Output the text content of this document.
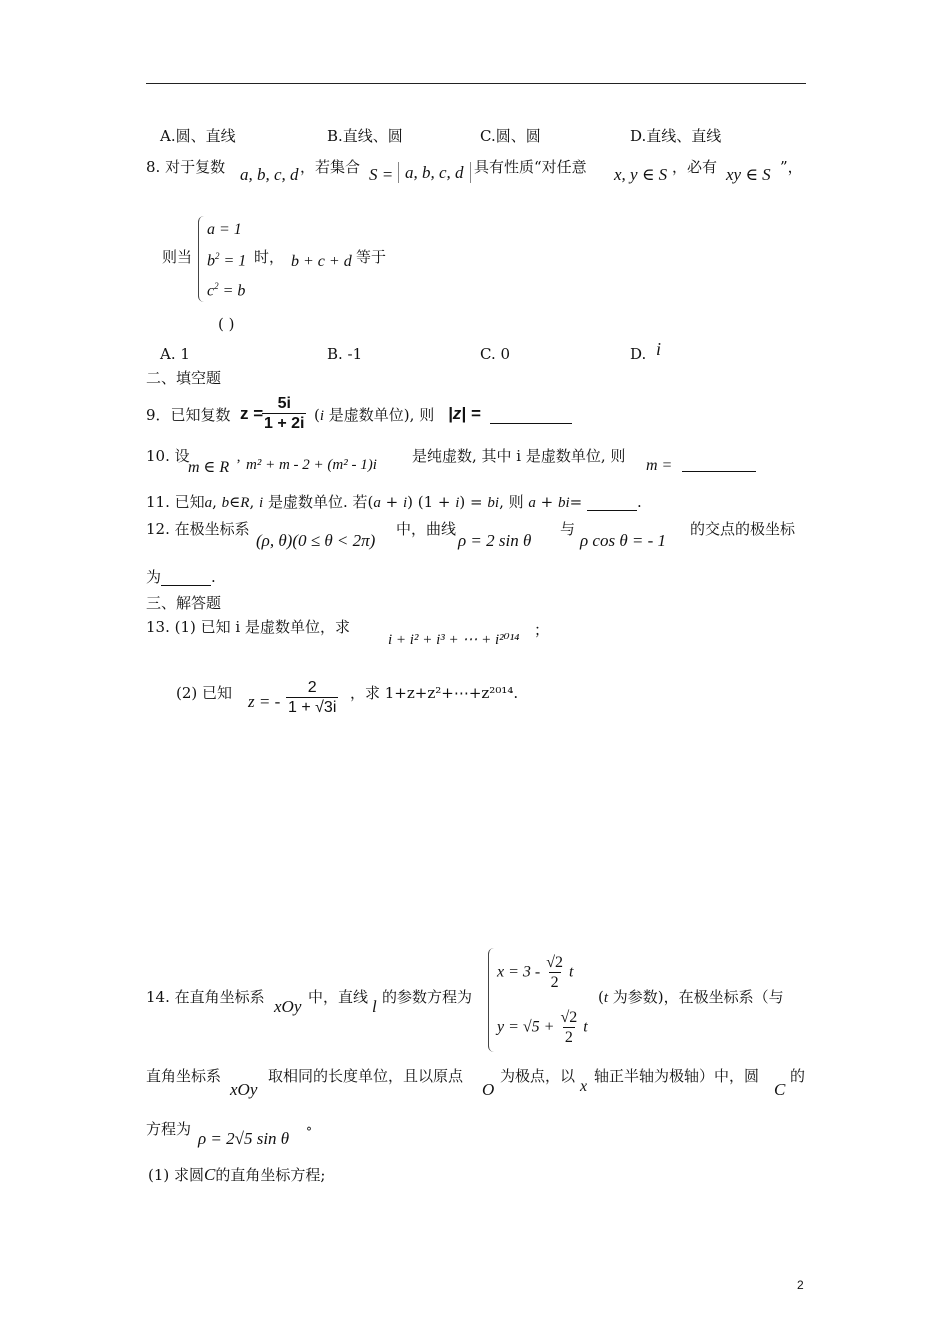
A.圆、直线	B.直线、圆	C.圆、圆	D.直线、直线
8. 对于复数 a, b, c, d ，若集合 S = a, b, c, d 具有性质“对任意 x, y ∈ S ，必有 xy ∈ S ”，
则当
a = 1
$b^2 = 1$ 时， b + c + d 等于
$c^2 = b$
( )
A. 1	B. -1	C. 0	D. i
二、填空题
9．已知复数 z =
$\frac{5i}{1 + 2i} (i$ 是虚数单位), 则 |z| =

10. 设
m ∈ R ’ m² + m - 2 + (m² - 1)i 是纯虚数, 其中 i 是虚数单位, 则
m =

11. 已知a, b∈R, i 是虚数单位. 若(a + i) (1 + i) = bi, 则 a + bi=	.
12. 在极坐标系
(ρ, θ)(0 ≤ θ < 2π)
中，曲线
ρ = 2 sin θ
与
ρ cos θ = - 1
的交点的极坐标
为	.
三、解答题
13. (1) 已知 i 是虚数单位，求
i + i² + i³ + ⋯ + i²⁰¹⁴
；
(2) 已知 z = - $\frac{2}{1 + √3i}$ ，求 1+z+z²+⋯+z²⁰¹⁴.
14. 在直角坐标系 xOy 中，直线 l 的参数方程为
$x = 3 - \frac{√2}{2}$ t
$y = √5 + \frac{√2}{2}$ t
(t 为参数)，在极坐标系（与
直角坐标系
xOy
取相同的长度单位，且以原点
O
为极点，以
x
轴正半轴为极轴）中，圆
C
的
方程为 ρ = 2√5 sin θ °
(1) 求圆C的直角坐标方程;
2
